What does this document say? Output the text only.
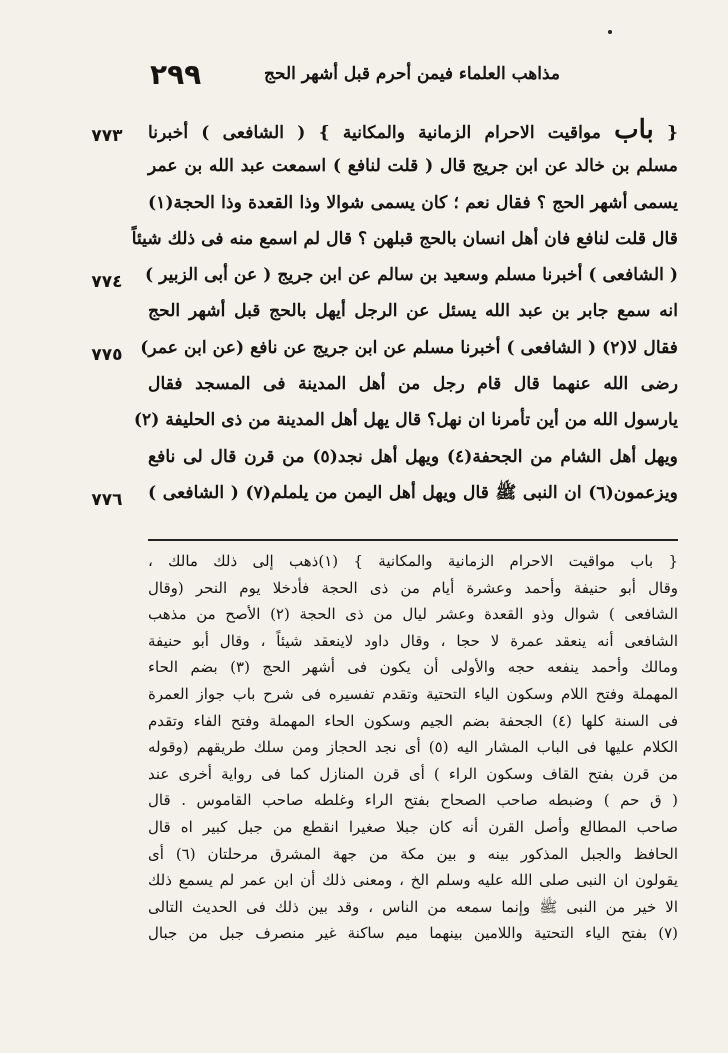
٢٩٩	مذاهب العلماء فيمن أحرم قبل أشهر الحج
٧٧٣
٧٧٤
٧٧٥
٧٧٦
{ باب مواقيت الاحرام الزمانية والمكانية } ( الشافعى ) أخبرنا
مسلم بن خالد عن ابن جريج قال ( قلت لنافع ) اسمعت عبد الله بن عمر
يسمى أشهر الحج ؟ فقال نعم ؛ كان يسمى شوالا وذا القعدة وذا الحجة(١)
قال قلت لنافع فان أهل انسان بالحج قبلهن ؟ قال لم اسمع منه فى ذلك شيئاً
( الشافعى ) أخبرنا مسلم وسعيد بن سالم عن ابن جريج ( عن أبى الزبير )
انه سمع جابر بن عبد الله يسئل عن الرجل أيهل بالحج قبل أشهر الحج
فقال لا(٢) ( الشافعى ) أخبرنا مسلم عن ابن جريج عن نافع (عن ابن عمر)
رضى الله عنهما قال قام رجل من أهل المدينة فى المسجد فقال
يارسول الله من أين تأمرنا ان نهل؟ قال يهل أهل المدينة من ذى الحليفة (٢)
ويهل أهل الشام من الجحفة(٤) ويهل أهل نجد(٥) من قرن قال لى نافع
ويزعمون(٦) ان النبى ﷺ قال ويهل أهل اليمن من يلملم(٧) ( الشافعى )
{ باب مواقيت الاحرام الزمانية والمكانية } (١)ذهب إلى ذلك مالك ،
وقال أبو حنيفة وأحمد وعشرة أيام من ذى الحجة فأدخلا يوم النحر (وقال
الشافعى ) شوال وذو القعدة وعشر ليال من ذى الحجة (٢) الأصح من مذهب
الشافعى أنه ينعقد عمرة لا حجا ، وقال داود لاينعقد شيئاً ، وقال أبو حنيفة
ومالك وأحمد ينفعه حجه والأولى أن يكون فى أشهر الحج (٣) بضم الحاء
المهملة وفتح اللام وسكون الياء التحتية وتقدم تفسيره فى شرح باب جواز العمرة
فى السنة كلها (٤) الجحفة بضم الجيم وسكون الحاء المهملة وفتح الفاء وتقدم
الكلام عليها فى الباب المشار اليه (٥) أى نجد الحجاز ومن سلك طريقهم (وقوله
من قرن بفتح القاف وسكون الراء ) أى قرن المنازل كما فى رواية أخرى عند
( ق حم ) وضبطه صاحب الصحاح بفتح الراء وغلطه صاحب القاموس . قال
صاحب المطالع وأصل القرن أنه كان جبلا صغيرا انقطع من جبل كبير اه قال
الحافظ والجبل المذكور بينه و بين مكة من جهة المشرق مرحلتان (٦) أى
يقولون ان النبى صلى الله عليه وسلم الخ ، ومعنى ذلك أن ابن عمر لم يسمع ذلك
الا خير من النبى ﷺ وإنما سمعه من الناس ، وقد بين ذلك فى الحديث التالى
(٧) بفتح الياء التحتية واللامين بينهما ميم ساكنة غير منصرف جبل من جبال
